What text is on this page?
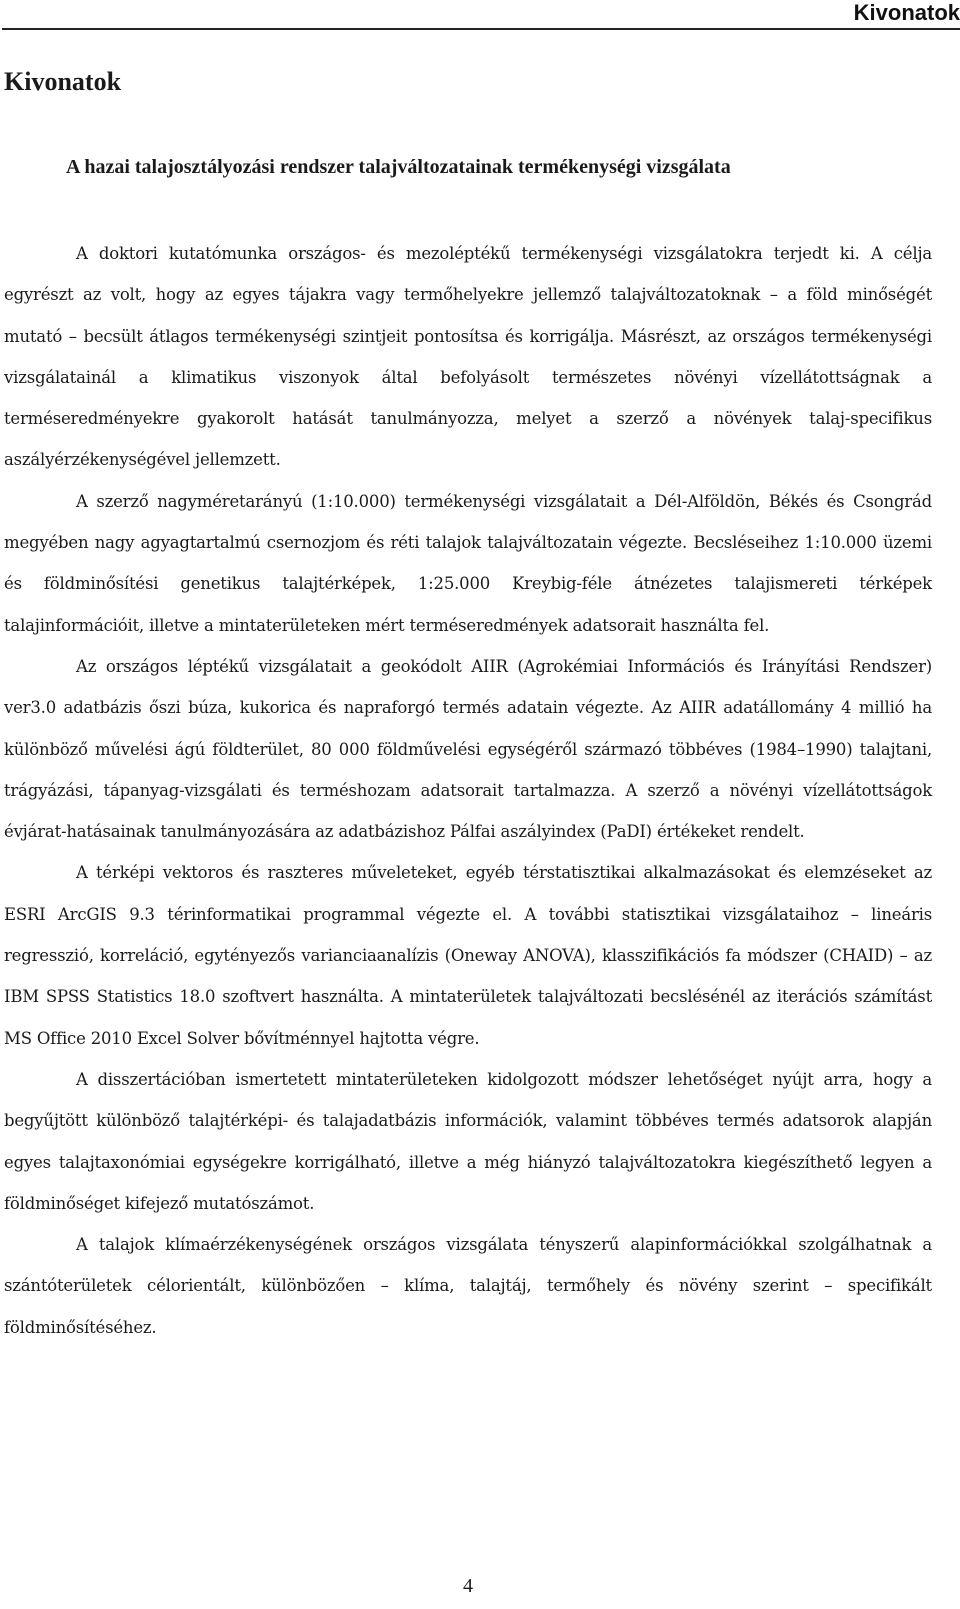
Kivonatok
Kivonatok
A hazai talajosztályozási rendszer talajváltozatainak termékenységi vizsgálata

A doktori kutatómunka országos- és mezoléptékű termékenységi vizsgálatokra terjedt ki. A célja egyrészt az volt, hogy az egyes tájakra vagy termőhelyekre jellemző talajváltozatoknak – a föld minőségét mutató – becsült átlagos termékenységi szintjeit pontosítsa és korrigálja. Másrészt, az országos termékenységi vizsgálatainál a klimatikus viszonyok által befolyásolt természetes növényi vízellátottságnak a terméseredményekre gyakorolt hatását tanulmányozza, melyet a szerző a növények talaj-specifikus aszályérzékenységével jellemzett.

A szerző nagyméretarányú (1:10.000) termékenységi vizsgálatait a Dél-Alföldön, Békés és Csongrád megyében nagy agyagtartalmú csernozjom és réti talajok talajváltozatain végezte. Becsléseihez 1:10.000 üzemi és földminősítési genetikus talajtérképek, 1:25.000 Kreybig-féle átnézetes talajismereti térképek talajinformációit, illetve a mintaterületeken mért terméseredmények adatsorait használta fel.

Az országos léptékű vizsgálatait a geokódolt AIIR (Agrokémiai Információs és Irányítási Rendszer) ver3.0 adatbázis őszi búza, kukorica és napraforgó termés adatain végezte. Az AIIR adatállomány 4 millió ha különböző művelési ágú földterület, 80 000 földművelési egységéről származó többéves (1984–1990) talajtani, trágyázási, tápanyag-vizsgálati és terméshozam adatsorait tartalmazza. A szerző a növényi vízellátottságok évjárat-hatásainak tanulmányozására az adatbázishoz Pálfai aszályindex (PaDI) értékeket rendelt.

A térképi vektoros és raszteres műveleteket, egyéb térstatisztikai alkalmazásokat és elemzéseket az ESRI ArcGIS 9.3 térinformatikai programmal végezte el. A további statisztikai vizsgálataihoz – lineáris regresszió, korreláció, egytényezős varianciaanalízis (Oneway ANOVA), klasszifikációs fa módszer (CHAID) – az IBM SPSS Statistics 18.0 szoftvert használta. A mintaterületek talajváltozati becslésénél az iterációs számítást MS Office 2010 Excel Solver bővítménnyel hajtotta végre.

A disszertációban ismertetett mintaterületeken kidolgozott módszer lehetőséget nyújt arra, hogy a begyűjtött különböző talajtérképi- és talajadatbázis információk, valamint többéves termés adatsorok alapján egyes talajtaxonómiai egységekre korrigálható, illetve a még hiányzó talajváltozatokra kiegészíthető legyen a földminőséget kifejező mutatószámot.

A talajok klímaérzékenységének országos vizsgálata tényszerű alapinformációkkal szolgálhatnak a szántóterületek célorientált, különbözően – klíma, talajtáj, termőhely és növény szerint – specifikált földminősítéséhez.

4
